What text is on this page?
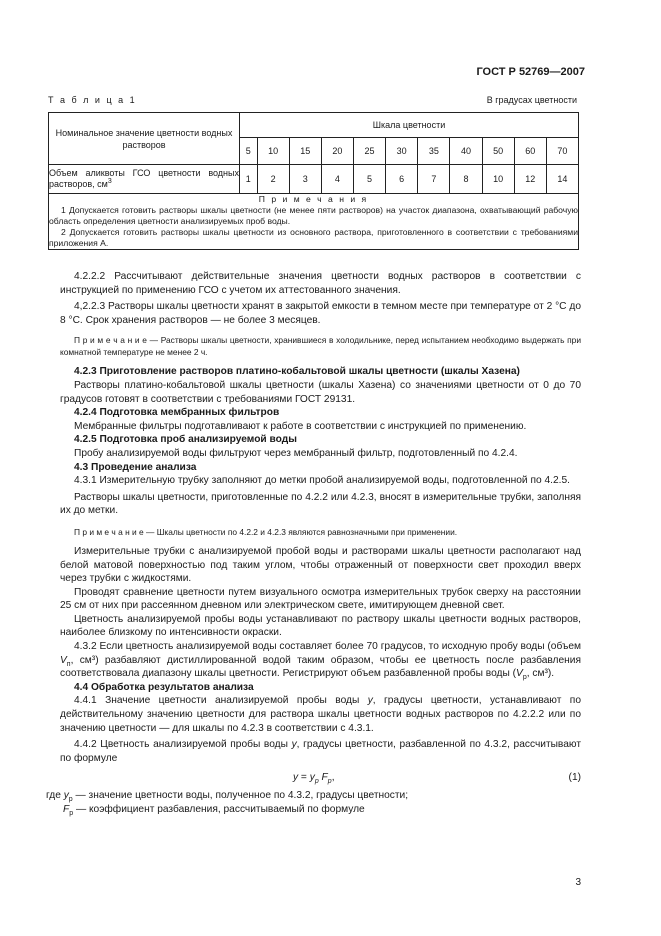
ГОСТ Р 52769—2007
Т а б л и ц а 1	В градусах цветности
Номинальное значение цветности водных растворов	Шкала цветности										
	5	10	15	20	25	30	35	40	50	60	70
Объем аликвоты ГСО цветности водных растворов, $см^3$	1	2	3	4	5	6	7	8	10	12	14

П р и м е ч а н и я

1 Допускается готовить растворы шкалы цветности (не менее пяти растворов) на участок диапазона, охватывающий рабочую область определения цветности анализируемых проб воды.

2 Допускается готовить растворы шкалы цветности из основного раствора, приготовленного в соответствии с требованиями приложения А.											

4.2.2.2 Рассчитывают действительные значения цветности водных растворов в соответствии с инструкцией по применению ГСО с учетом их аттестованного значения.

4,2.2.3 Растворы шкалы цветности хранят в закрытой емкости в темном месте при температуре от 2 °С до 8 °С. Срок хранения растворов — не более 3 месяцев.

П р и м е ч а н и е — Растворы шкалы цветности, хранившиеся в холодильнике, перед испытанием необходимо выдержать при комнатной температуре не менее 2 ч.

4.2.3 Приготовление растворов платино-кобальтовой шкалы цветности (шкалы Хазена)

Растворы платино-кобальтовой шкалы цветности (шкалы Хазена) со значениями цветности от 0 до 70 градусов готовят в соответствии с требованиями ГОСТ 29131.

4.2.4 Подготовка мембранных фильтров

Мембранные фильтры подготавливают к работе в соответствии с инструкцией по применению.

4.2.5 Подготовка проб анализируемой воды

Пробу анализируемой воды фильтруют через мембранный фильтр, подготовленный по 4.2.4.

4.3 Проведение анализа

4.3.1 Измерительную трубку заполняют до метки пробой анализируемой воды, подготовленной по 4.2.5.

Растворы шкалы цветности, приготовленные по 4.2.2 или 4.2.3, вносят в измерительные трубки, заполняя их до метки.

П р и м е ч а н и е — Шкалы цветности по 4.2.2 и 4.2.3 являются равнозначными при применении.

Измерительные трубки с анализируемой пробой воды и растворами шкалы цветности располагают над белой матовой поверхностью под таким углом, чтобы отраженный от поверхности свет проходил вверх через трубки с жидкостями.

Проводят сравнение цветности путем визуального осмотра измерительных трубок сверху на расстоянии 25 см от них при рассеянном дневном или электрическом свете, имитирующем дневной свет.

Цветность анализируемой пробы воды устанавливают по раствору шкалы цветности водных растворов, наиболее близкому по интенсивности окраски.

4.3.2 Если цветность анализируемой воды составляет более 70 градусов, то исходную пробу воды (объем $V_п$, см³) разбавляют дистиллированной водой таким образом, чтобы ее цветность после разбавления соответствовала диапазону шкалы цветности. Регистрируют объем разбавленной пробы воды ($V_р$, см³).

4.4 Обработка результатов анализа

4.4.1 Значение цветности анализируемой пробы воды у, градусы цветности, устанавливают по действительному значению цветности для раствора шкалы цветности водных растворов по 4.2.2.2 или по значению цветности — для шкалы по 4.2.3 в соответствии с 4.3.1.

4.4.2 Цветность анализируемой пробы воды у, градусы цветности, разбавленной по 4.3.2, рассчитывают по формуле

$у = у_р$ $F_р$,	(1)

где $у_р$ — значение цветности воды, полученное по 4.3.2, градусы цветности;

$F_р$ — коэффициент разбавления, рассчитываемый по формуле

3
